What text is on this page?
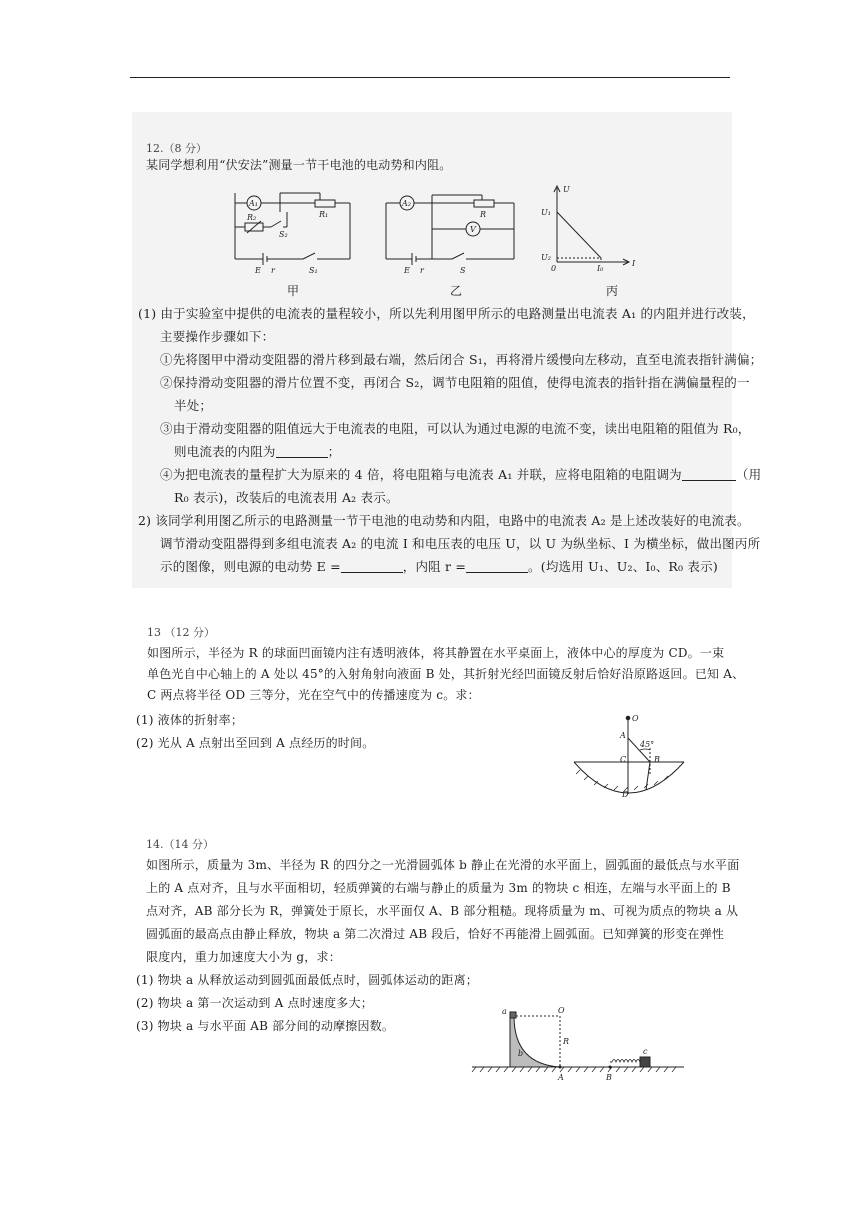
12.（8 分）
某同学想利用“伏安法”测量一节干电池的电动势和内阻。
A₁
R₁
R₂
S₂
E r	S₁
甲
A₂
R
V
E r	S
乙
U
U₁
U₂
0	I₀
I
丙
(1) 由于实验室中提供的电流表的量程较小，所以先利用图甲所示的电路测量出电流表 A₁ 的内阻并进行改装，
主要操作步骤如下：
①先将图甲中滑动变阻器的滑片移到最右端，然后闭合 S₁，再将滑片缓慢向左移动，直至电流表指针满偏；
②保持滑动变阻器的滑片位置不变，再闭合 S₂，调节电阻箱的阻值，使得电流表的指针指在满偏量程的一
半处；
③由于滑动变阻器的阻值远大于电流表的电阻，可以认为通过电源的电流不变，读出电阻箱的阻值为 R₀，
则电流表的内阻为	；
④为把电流表的量程扩大为原来的 4 倍，将电阻箱与电流表 A₁ 并联，应将电阻箱的电阻调为	（用
R₀ 表示)，改装后的电流表用 A₂ 表示。
2) 该同学利用图乙所示的电路测量一节干电池的电动势和内阻，电路中的电流表 A₂ 是上述改装好的电流表。
调节滑动变阻器得到多组电流表 A₂ 的电流 I 和电压表的电压 U，以 U 为纵坐标、I 为横坐标，做出图丙所
示的图像，则电源的电动势 E =	，内阻 r =	。(均选用 U₁、U₂、I₀、R₀ 表示)
13 （12 分）
如图所示，半径为 R 的球面凹面镜内注有透明液体，将其静置在水平桌面上，液体中心的厚度为 CD。一束
单色光自中心轴上的 A 处以 45°的入射角射向液面 B 处，其折射光经凹面镜反射后恰好沿原路返回。已知 A、
C 两点将半径 OD 三等分，光在空气中的传播速度为 c。求：
(1) 液体的折射率；
(2) 光从 A 点射出至回到 A 点经历的时间。
O
A
45°
B
C
D
14.（14 分）
如图所示，质量为 3m、半径为 R 的四分之一光滑圆弧体 b 静止在光滑的水平面上，圆弧面的最低点与水平面
上的 A 点对齐，且与水平面相切，轻质弹簧的右端与静止的质量为 3m 的物块 c 相连，左端与水平面上的 B
点对齐，AB 部分长为 R，弹簧处于原长，水平面仅 A、B 部分粗糙。现将质量为 m、可视为质点的物块 a 从
圆弧面的最高点由静止释放，物块 a 第二次滑过 AB 段后，恰好不再能滑上圆弧面。已知弹簧的形变在弹性
限度内，重力加速度大小为 g，求：
(1) 物块 a 从释放运动到圆弧面最低点时，圆弧体运动的距离；
(2) 物块 a 第一次运动到 A 点时速度多大；
(3) 物块 a 与水平面 AB 部分间的动摩擦因数。
a	O
R
b	c
A	B
